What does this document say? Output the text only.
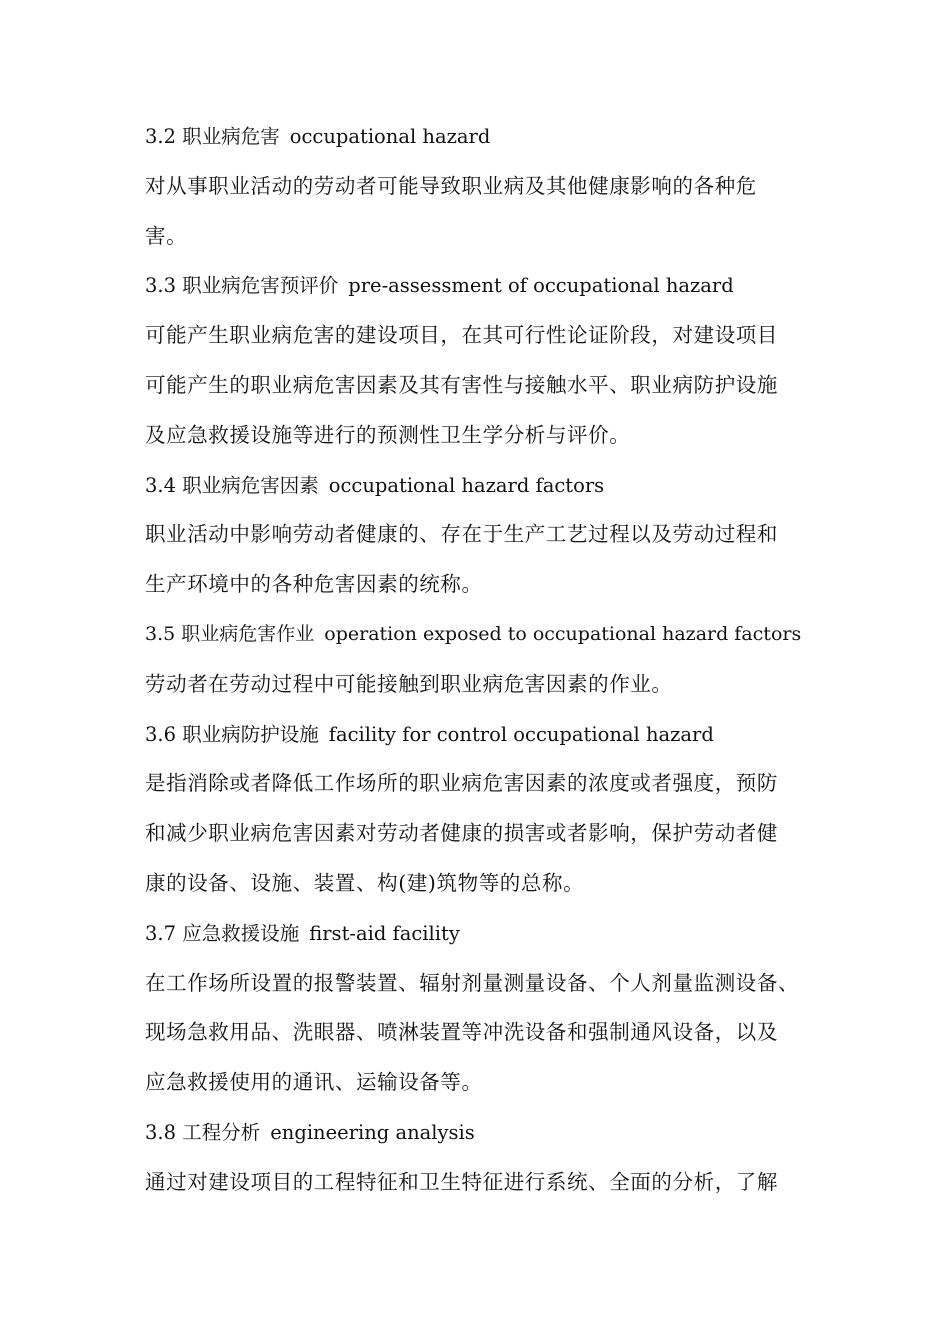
3.2 职业病危害 occupational hazard
对从事职业活动的劳动者可能导致职业病及其他健康影响的各种危
害。
3.3 职业病危害预评价 pre-assessment of occupational hazard
可能产生职业病危害的建设项目，在其可行性论证阶段，对建设项目
可能产生的职业病危害因素及其有害性与接触水平、职业病防护设施
及应急救援设施等进行的预测性卫生学分析与评价。
3.4 职业病危害因素 occupational hazard factors
职业活动中影响劳动者健康的、存在于生产工艺过程以及劳动过程和
生产环境中的各种危害因素的统称。
3.5 职业病危害作业 operation exposed to occupational hazard factors
劳动者在劳动过程中可能接触到职业病危害因素的作业。
3.6 职业病防护设施 facility for control occupational hazard
是指消除或者降低工作场所的职业病危害因素的浓度或者强度，预防
和减少职业病危害因素对劳动者健康的损害或者影响，保护劳动者健
康的设备、设施、装置、构(建)筑物等的总称。
3.7 应急救援设施 first-aid facility
在工作场所设置的报警装置、辐射剂量测量设备、个人剂量监测设备、
现场急救用品、洗眼器、喷淋装置等冲洗设备和强制通风设备，以及
应急救援使用的通讯、运输设备等。
3.8 工程分析 engineering analysis
通过对建设项目的工程特征和卫生特征进行系统、全面的分析，了解
